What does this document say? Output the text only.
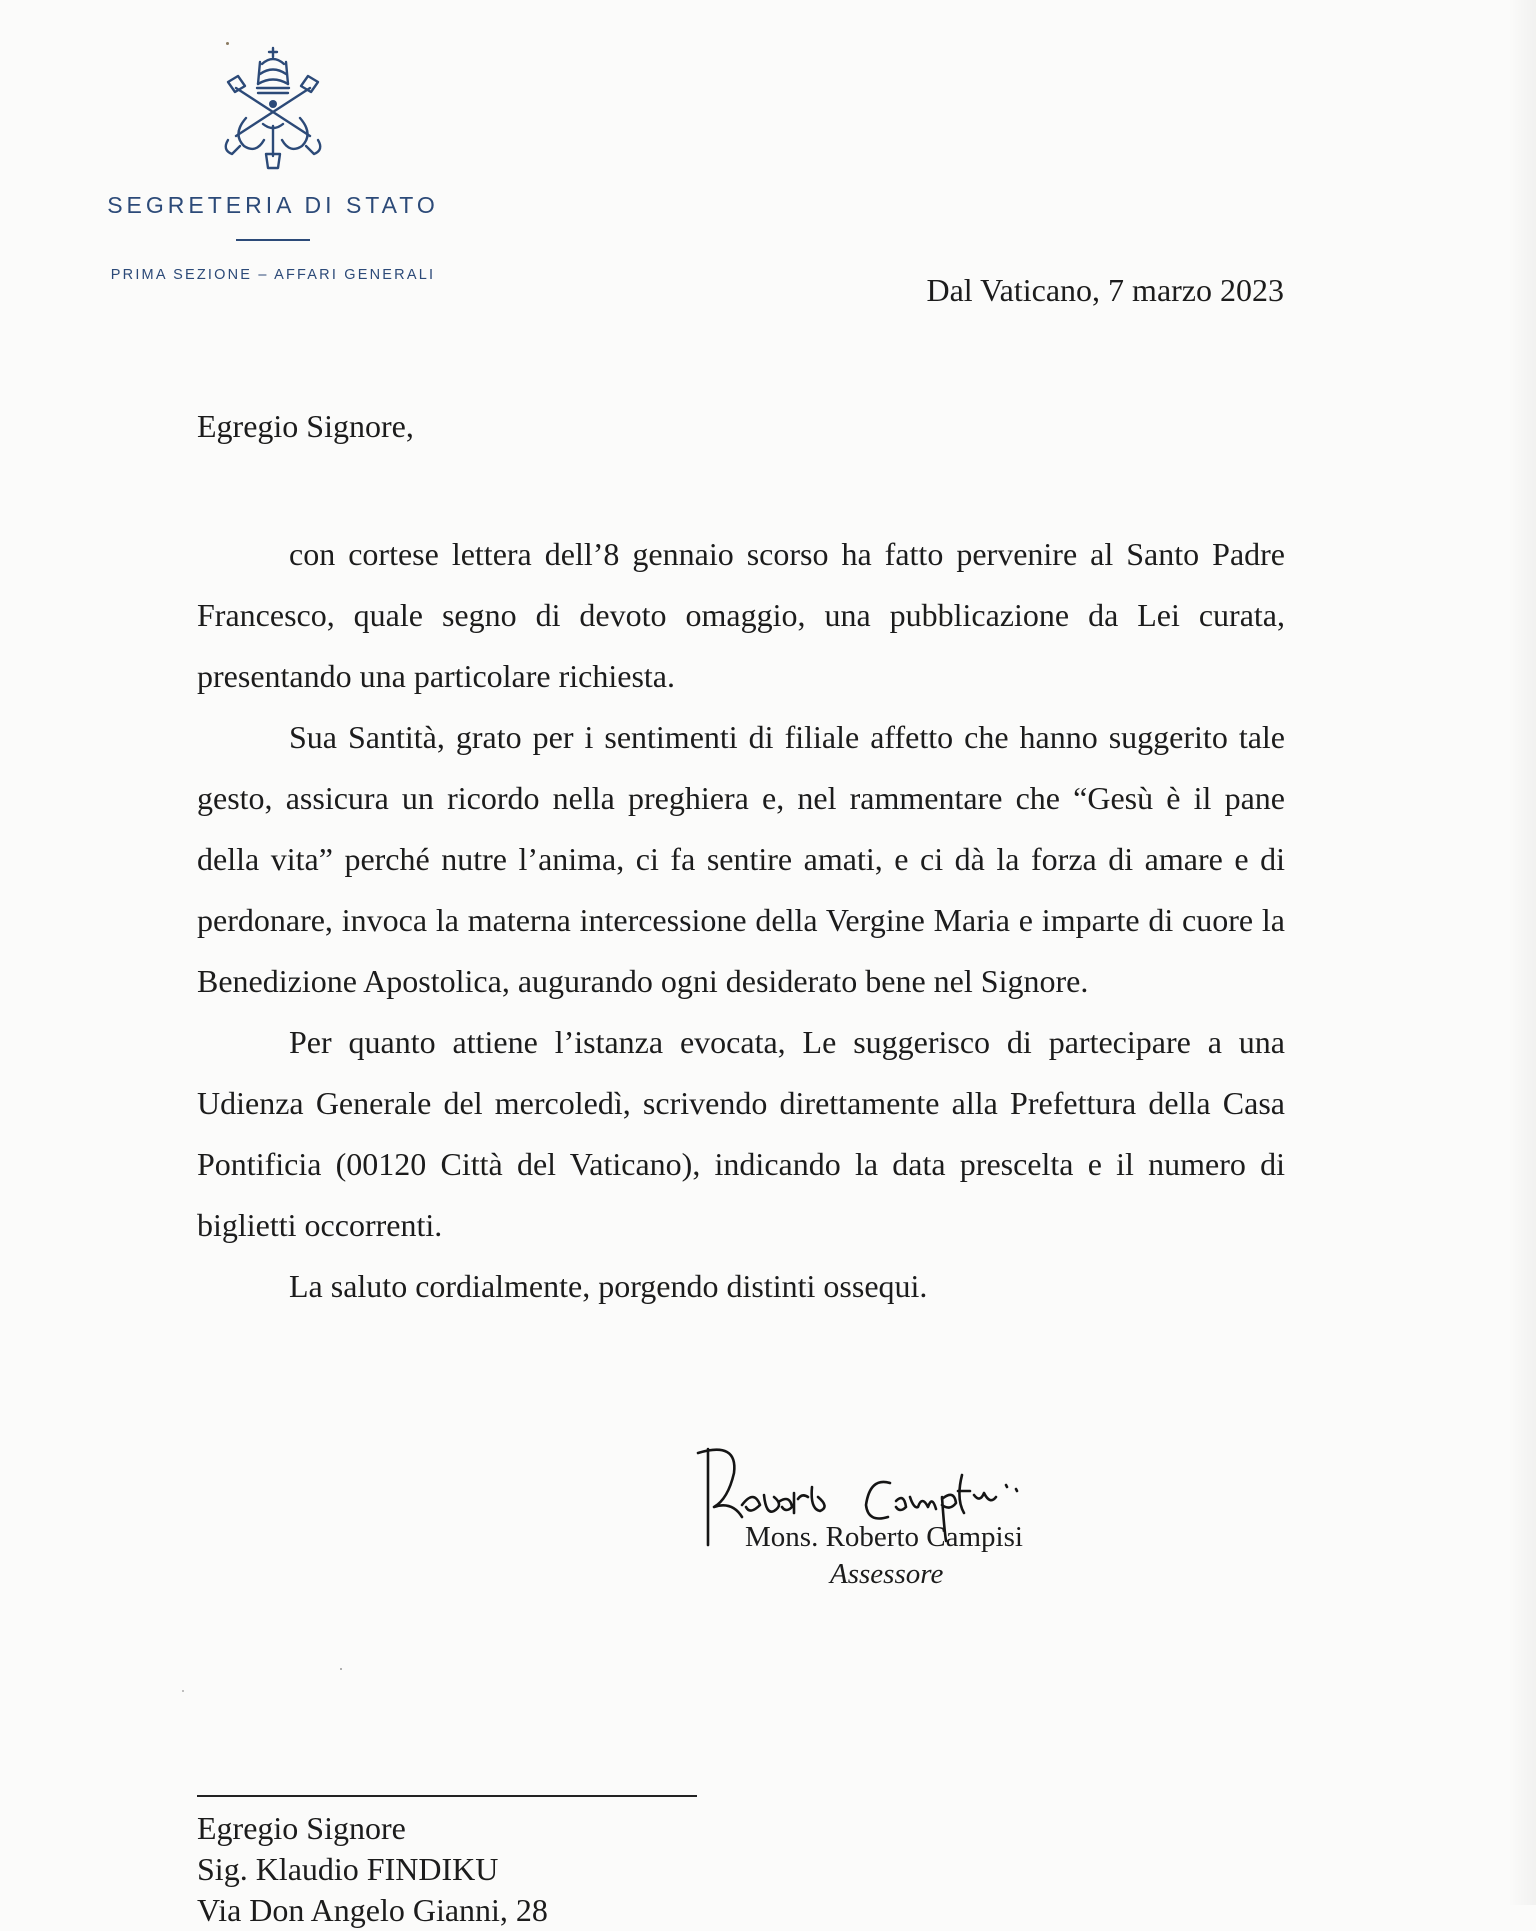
SEGRETERIA DI STATO
PRIMA SEZIONE – AFFARI GENERALI	Dal Vaticano, 7 marzo 2023
Egregio Signore,

con cortese lettera dell’8 gennaio scorso ha fatto pervenire al Santo Padre Francesco, quale segno di devoto omaggio, una pubblicazione da Lei curata, presentando una particolare richiesta.

Sua Santità, grato per i sentimenti di filiale affetto che hanno suggerito tale gesto, assicura un ricordo nella preghiera e, nel rammentare che “Gesù è il pane della vita” perché nutre l’anima, ci fa sentire amati, e ci dà la forza di amare e di perdonare, invoca la materna intercessione della Vergine Maria e imparte di cuore la Benedizione Apostolica, augurando ogni desiderato bene nel Signore.

Per quanto attiene l’istanza evocata, Le suggerisco di partecipare a una Udienza Generale del mercoledì, scrivendo direttamente alla Prefettura della Casa Pontificia (00120 Città del Vaticano), indicando la data prescelta e il numero di biglietti occorrenti.

La saluto cordialmente, porgendo distinti ossequi.

Mons. Roberto Campisi
Assessore
Egregio Signore
Sig. Klaudio FINDIKU
Via Don Angelo Gianni, 28
